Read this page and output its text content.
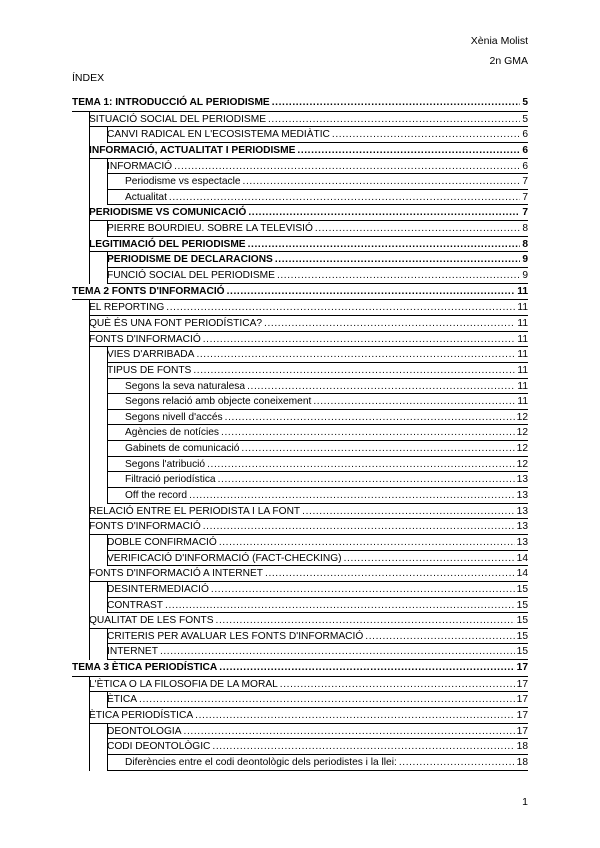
Xènia Molist
2n GMA
ÍNDEX
TEMA 1: INTRODUCCIÓ AL PERIODISME .....	5
SITUACIÓ SOCIAL DEL PERIODISME .....	5
CANVI RADICAL EN L'ECOSISTEMA MEDIÀTIC .....	6
INFORMACIÓ, ACTUALITAT I PERIODISME .....	6
INFORMACIÓ .....	6
Periodisme vs espectacle .....	7
Actualitat .....	7
PERIODISME VS COMUNICACIÓ .....	7
PIERRE BOURDIEU. SOBRE LA TELEVISIÓ .....	8
LEGITIMACIÓ DEL PERIODISME .....	8
PERIODISME DE DECLARACIONS .....	9
FUNCIÓ SOCIAL DEL PERIODISME .....	9
TEMA 2 FONTS D'INFORMACIÓ .....	11
EL REPORTING .....	11
QUÈ ÉS UNA FONT PERIODÍSTICA? .....	11
FONTS D'INFORMACIÓ .....	11
VIES D'ARRIBADA .....	11
TIPUS DE FONTS .....	11
Segons la seva naturalesa .....	11
Segons relació amb objecte coneixement .....	11
Segons nivell d'accés .....	12
Agències de notícies .....	12
Gabinets de comunicació .....	12
Segons l'atribució .....	12
Filtració periodística .....	13
Off the record .....	13
RELACIÓ ENTRE EL PERIODISTA I LA FONT .....	13
FONTS D'INFORMACIÓ .....	13
DOBLE CONFIRMACIÓ .....	13
VERIFICACIÓ D'INFORMACIÓ (FACT-CHECKING) .....	14
FONTS D'INFORMACIÓ A INTERNET .....	14
DESINTERMEDIACIÓ .....	15
CONTRAST .....	15
QUALITAT DE LES FONTS .....	15
CRITERIS PER AVALUAR LES FONTS D'INFORMACIÓ .....	15
INTERNET .....	15
TEMA 3 ÈTICA PERIODÍSTICA .....	17
L'ÈTICA O LA FILOSOFIA DE LA MORAL .....	17
ÈTICA .....	17
ÈTICA PERIODÍSTICA .....	17
DEONTOLOGIA .....	17
CODI DEONTOLÒGIC .....	18
Diferències entre el codi deontològic dels periodistes i la llei: .....	18
1
